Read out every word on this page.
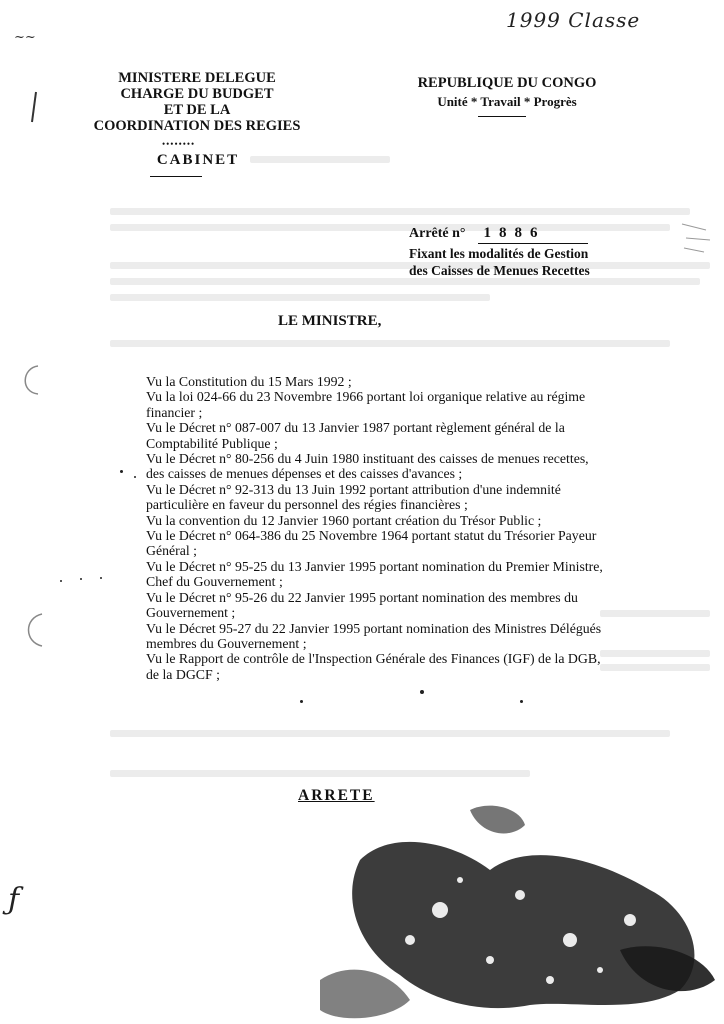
1999 Classe
~~
MINISTERE DELEGUE
CHARGE DU BUDGET
ET DE LA
COORDINATION DES REGIES
••••••••
CABINET
REPUBLIQUE DU CONGO
Unité * Travail * Progrès
Arrêté n° 1886
Fixant les modalités de Gestion
des Caisses de Menues Recettes
LE MINISTRE,

Vu la Constitution du 15 Mars 1992 ;

Vu la loi 024-66 du 23 Novembre 1966 portant loi organique relative au régime financier ;

Vu le Décret n° 087-007 du 13 Janvier 1987 portant règlement général de la Comptabilité Publique ;

Vu le Décret n° 80-256 du 4 Juin 1980 instituant des caisses de menues recettes, des caisses de menues dépenses et des caisses d'avances ;

Vu le Décret n° 92-313 du 13 Juin 1992 portant attribution d'une indemnité particulière en faveur du personnel des régies financières ;

Vu la convention du 12 Janvier 1960 portant création du Trésor Public ;

Vu le Décret n° 064-386 du 25 Novembre 1964 portant statut du Trésorier Payeur Général ;

Vu le Décret n° 95-25 du 13 Janvier 1995 portant nomination du Premier Ministre, Chef du Gouvernement ;

Vu le Décret n° 95-26 du 22 Janvier 1995 portant nomination des membres du Gouvernement ;

Vu le Décret 95-27 du 22 Janvier 1995 portant nomination des Ministres Délégués membres du Gouvernement ;

Vu le Rapport de contrôle de l'Inspection Générale des Finances (IGF) de la DGB, de la DGCF ;

ARRETE
ƒ
